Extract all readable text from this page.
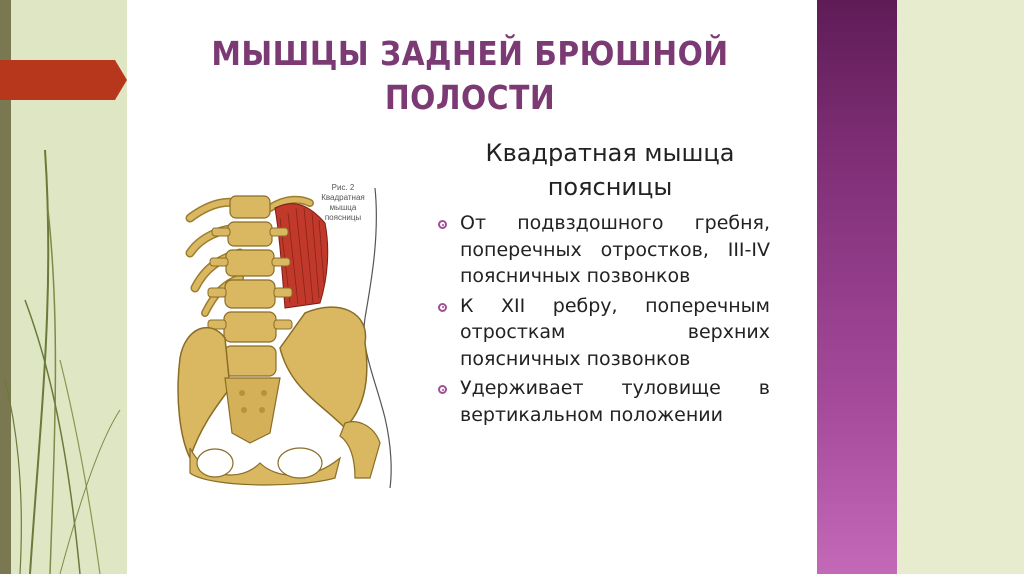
МЫШЦЫ ЗАДНЕЙ БРЮШНОЙ ПОЛОСТИ
Квадратная мышца поясницы
От подвздошного гребня, поперечных отростков, III-IV поясничных позвонков
К XII ребру, поперечным отросткам верхних поясничных позвонков
Удерживает туловище в вертикальном положении
Рис. 2
Квадратная мышца
поясницы
